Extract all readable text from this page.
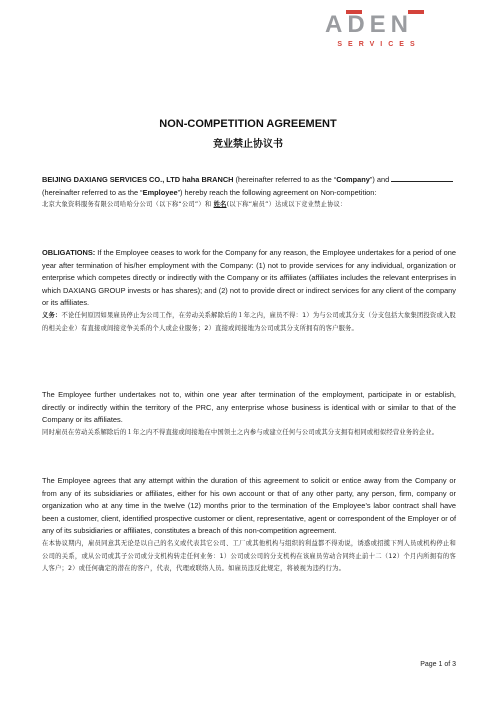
ADEN
SERVICES
NON-COMPETITION AGREEMENT
竞业禁止协议书

BEIJING DAXIANG SERVICES CO., LTD haha BRANCH (hereinafter referred to as the “Company”) and (hereinafter referred to as the “Employee”) hereby reach the following agreement on Non-competition:

北京大象资料服务有限公司哈哈分公司（以下称“公司”）和 姓名(以下称“雇员”）达成以下竞业禁止协议：

OBLIGATIONS: If the Employee ceases to work for the Company for any reason, the Employee undertakes for a period of one year after termination of his/her employment with the Company: (1) not to provide services for any individual, organization or enterprise which competes directly or indirectly with the Company or its affiliates (affiliates includes the relevant enterprises in which DAXIANG GROUP invests or has shares); and (2) not to provide direct or indirect services for any client of the company or its affiliates.

义务：不论任何原因如果雇员停止为公司工作，在劳动关系解除后的１年之内，雇员不得：1）为与公司或其分支（分支包括大象集团投资或入股的相关企业）有直接或间接竞争关系的个人或企业服务；2）直接或间接地为公司或其分支所拥有的客户服务。

The Employee further undertakes not to, within one year after termination of the employment, participate in or establish, directly or indirectly within the territory of the PRC, any enterprise whose business is identical with or similar to that of the Company or its affiliates.

同时雇员在劳动关系解除后的１年之内不得直接或间接地在中国领土之内参与或建立任何与公司或其分支拥有相同或相似经营业务的企业。

The Employee agrees that any attempt within the duration of this agreement to solicit or entice away from the Company or from any of its subsidiaries or affiliates, either for his own account or that of any other party, any person, firm, company or organization who at any time in the twelve (12) months prior to the termination of the Employee’s labor contract shall have been a customer, client, identified prospective customer or client, representative, agent or correspondent of the Employer or of any of its subsidiaries or affiliates, constitutes a breach of this non-competition agreement.

在本协议期内，雇员同意其无论是以自己的名义或代表其它公司、工厂或其他机构与组织的利益都不得劝说，诱惑或招揽下列人员或机构停止和公司的关系，或从公司或其子公司或分支机构转走任何业务：1）公司或公司的分支机构在该雇员劳动合同终止前十二（12）个月内所拥有的客人客户；2）或任何确定的潜在的客户，代表，代理或联络人员。如雇员违反此规定，将被视为违约行为。

Page 1 of 3
